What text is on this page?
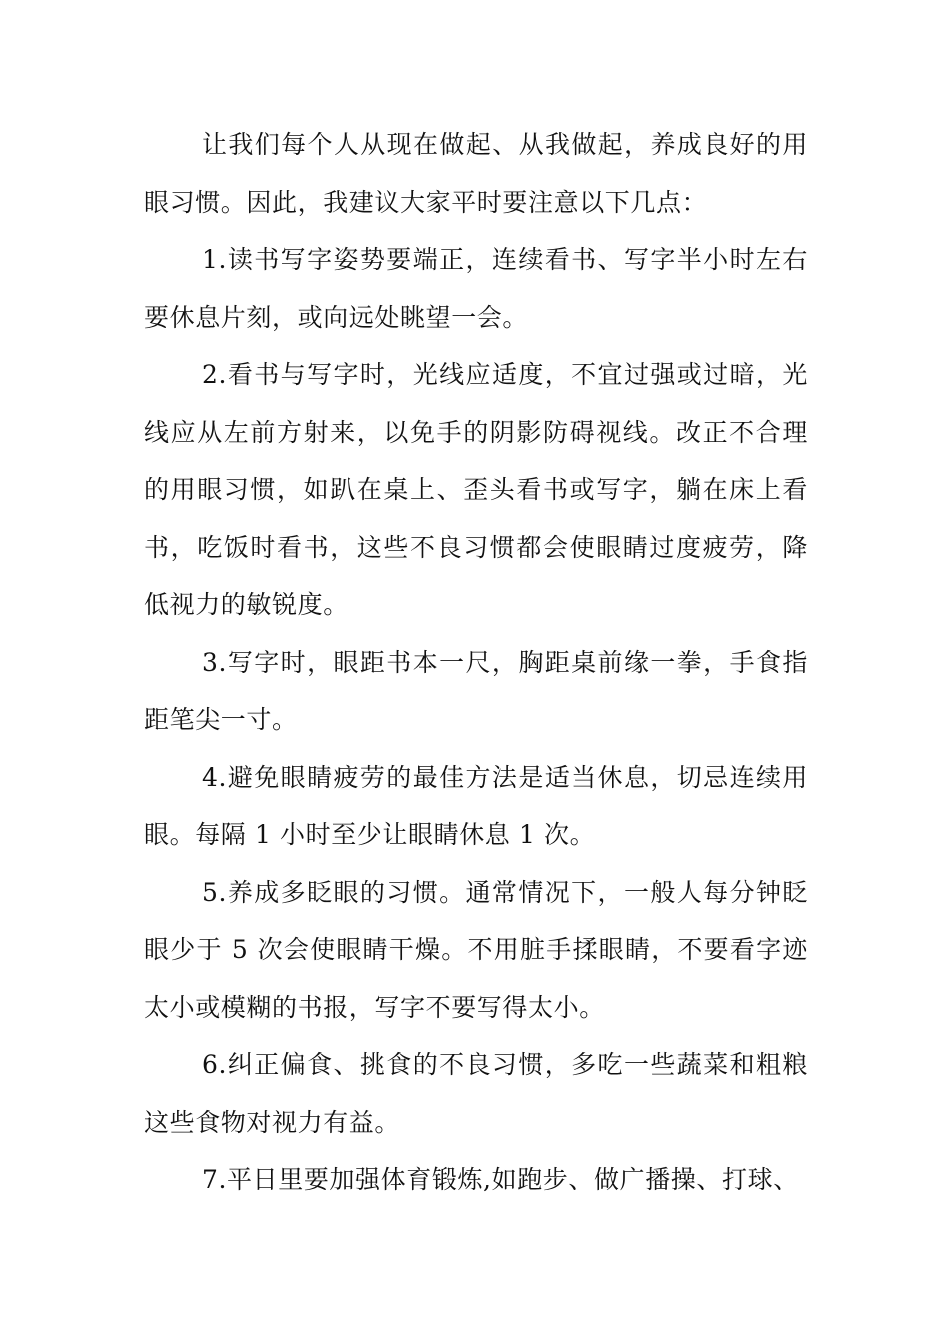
让我们每个人从现在做起、从我做起，养成良好的用眼习惯。因此，我建议大家平时要注意以下几点：

1.读书写字姿势要端正，连续看书、写字半小时左右要休息片刻，或向远处眺望一会。

2.看书与写字时，光线应适度，不宜过强或过暗，光线应从左前方射来，以免手的阴影防碍视线。改正不合理的用眼习惯，如趴在桌上、歪头看书或写字，躺在床上看书，吃饭时看书，这些不良习惯都会使眼睛过度疲劳，降低视力的敏锐度。

3.写字时，眼距书本一尺，胸距桌前缘一拳，手食指距笔尖一寸。

4.避免眼睛疲劳的最佳方法是适当休息，切忌连续用眼。每隔 1 小时至少让眼睛休息 1 次。

5.养成多眨眼的习惯。通常情况下，一般人每分钟眨眼少于 5 次会使眼睛干燥。不用脏手揉眼睛，不要看字迹太小或模糊的书报，写字不要写得太小。

6.纠正偏食、挑食的不良习惯，多吃一些蔬菜和粗粮这些食物对视力有益。

7.平日里要加强体育锻炼,如跑步、做广播操、打球、
